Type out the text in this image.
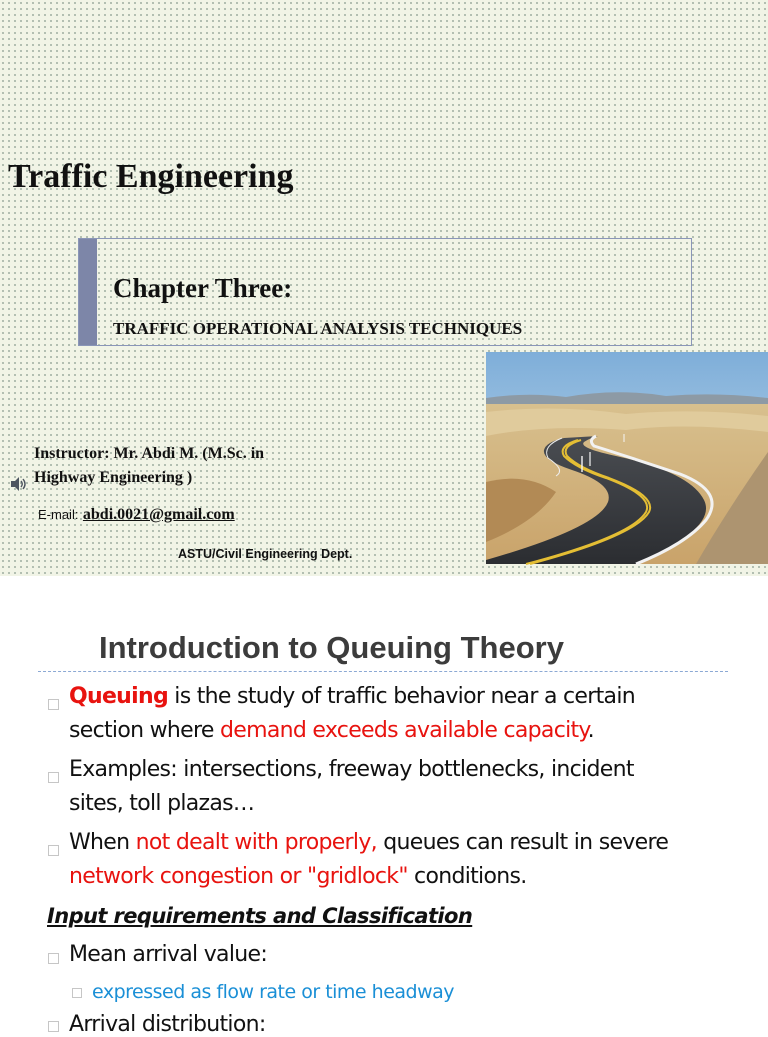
Traffic Engineering
Chapter Three:
TRAFFIC OPERATIONAL ANALYSIS TECHNIQUES
Instructor: Mr. Abdi M. (M.Sc. in
Highway Engineering )
E-mail: abdi.0021@gmail.com
ASTU/Civil Engineering Dept.
Introduction to Queuing Theory
Queuing is the study of traffic behavior near a certain
section where demand exceeds available capacity.
Examples: intersections, freeway bottlenecks, incident
sites, toll plazas…
When not dealt with properly, queues can result in severe
network congestion or "gridlock" conditions.
Input requirements and Classification
Mean arrival value:
expressed as flow rate or time headway
Arrival distribution:
